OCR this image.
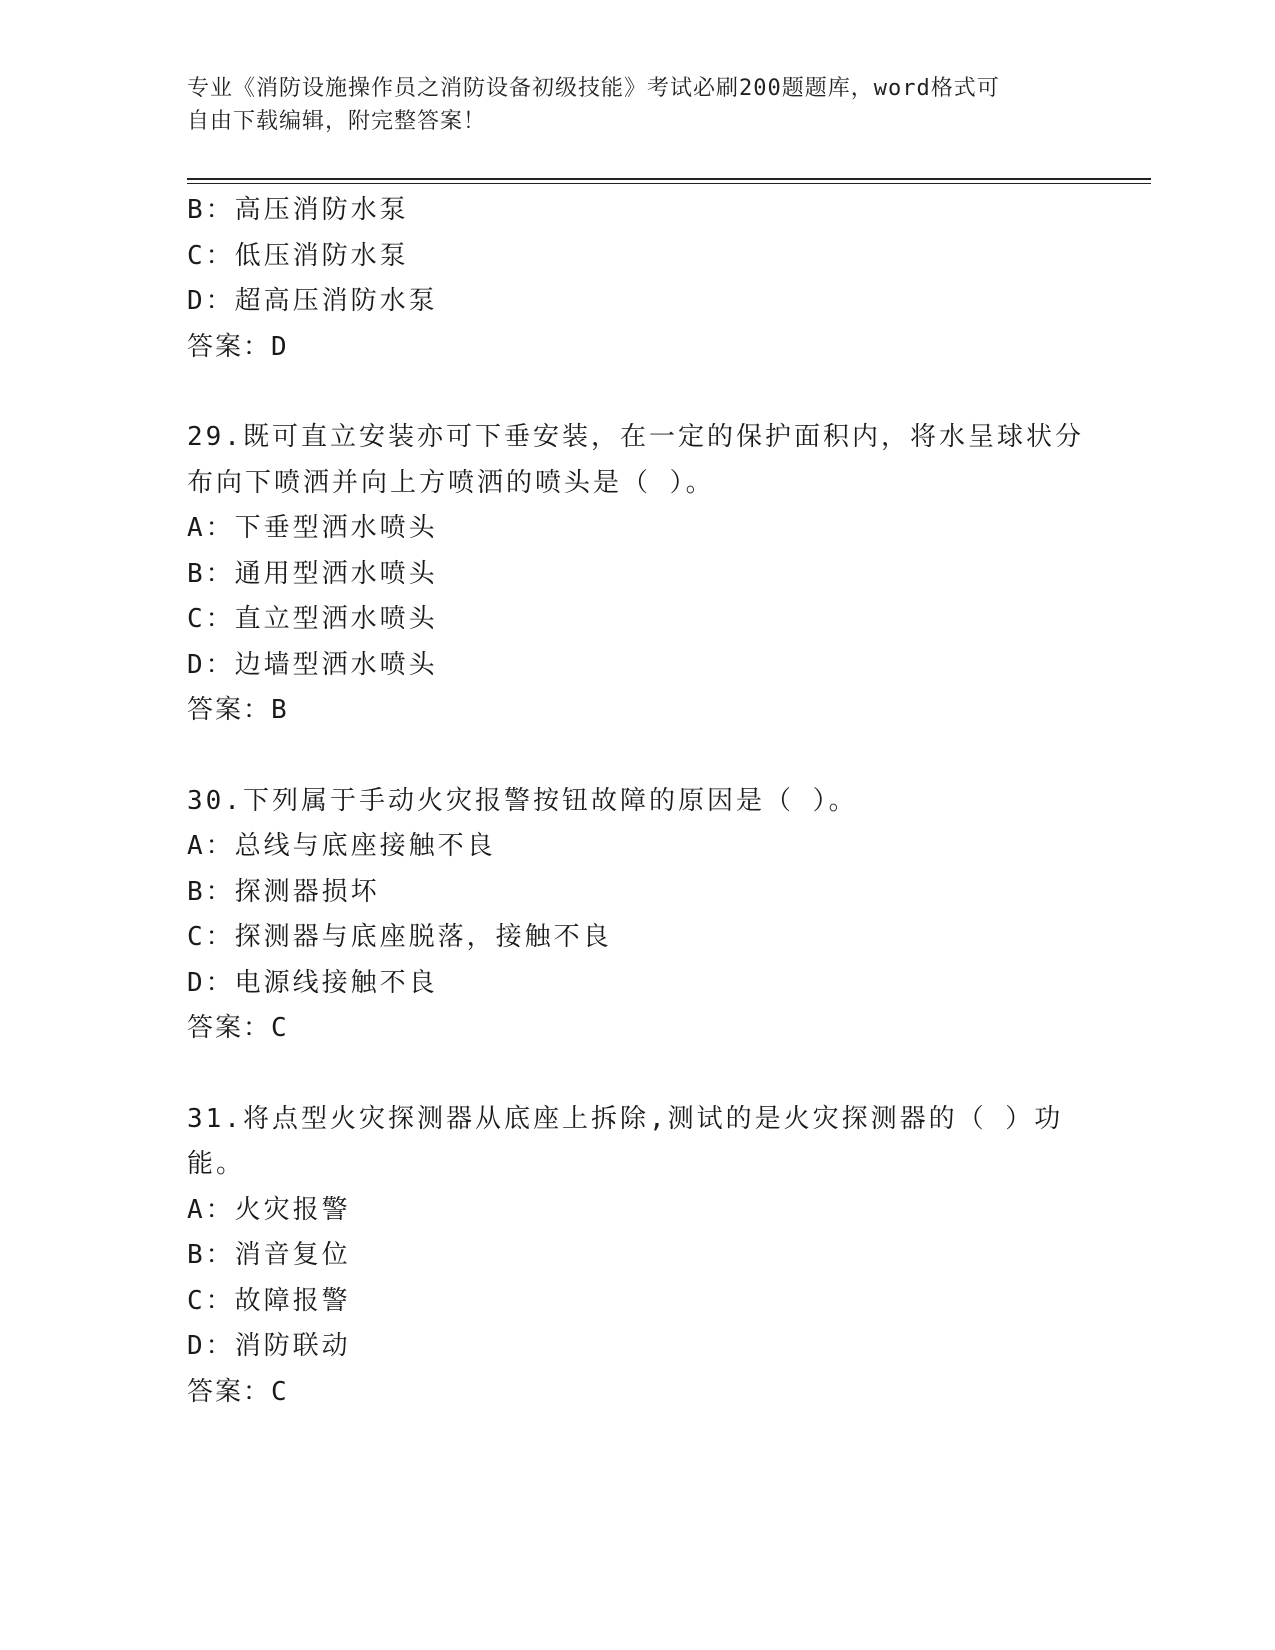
专业《消防设施操作员之消防设备初级技能》考试必刷200题题库，word格式可
自由下载编辑，附完整答案！
B：高压消防水泵
C：低压消防水泵
D：超高压消防水泵
答案：D
29.既可直立安装亦可下垂安装，在一定的保护面积内，将水呈球状分
布向下喷洒并向上方喷洒的喷头是（ ）。
A：下垂型洒水喷头
B：通用型洒水喷头
C：直立型洒水喷头
D：边墙型洒水喷头
答案：B
30.下列属于手动火灾报警按钮故障的原因是（ ）。
A：总线与底座接触不良
B：探测器损坏
C：探测器与底座脱落，接触不良
D：电源线接触不良
答案：C
31.将点型火灾探测器从底座上拆除,测试的是火灾探测器的（ ）功
能。
A：火灾报警
B：消音复位
C：故障报警
D：消防联动
答案：C
